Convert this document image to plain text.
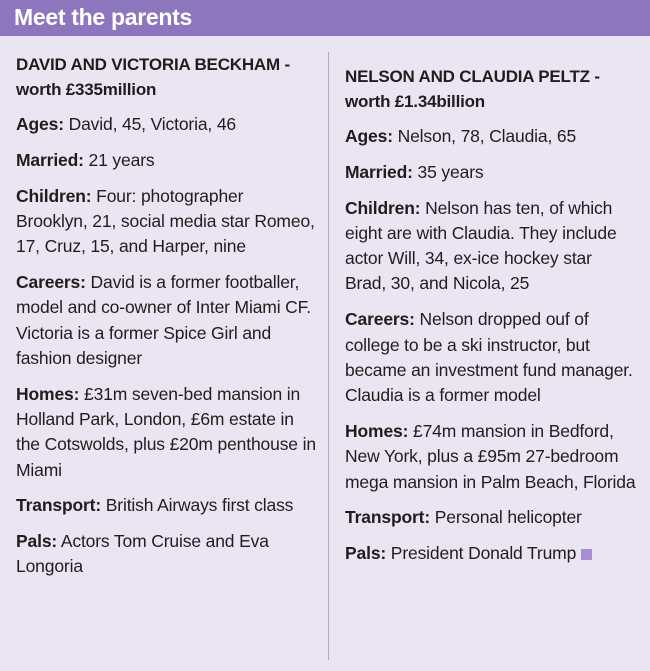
Meet the parents
DAVID AND VICTORIA BECKHAM -
worth £335million
Ages: David, 45, Victoria, 46
Married: 21 years
Children: Four: photographer Brooklyn, 21, social media star Romeo, 17, Cruz, 15, and Harper, nine
Careers: David is a former footballer, model and co-owner of Inter Miami CF. Victoria is a former Spice Girl and fashion designer
Homes: £31m seven-bed mansion in Holland Park, London, £6m estate in the Cotswolds, plus £20m penthouse in Miami
Transport: British Airways first class
Pals: Actors Tom Cruise and Eva Longoria
NELSON AND CLAUDIA PELTZ -
worth £1.34billion
Ages: Nelson, 78, Claudia, 65
Married: 35 years
Children: Nelson has ten, of which eight are with Claudia. They include actor Will, 34, ex-ice hockey star Brad, 30, and Nicola, 25
Careers: Nelson dropped ouf of college to be a ski instructor, but became an investment fund manager. Claudia is a former model
Homes: £74m mansion in Bedford, New York, plus a £95m 27-bedroom mega mansion in Palm Beach, Florida
Transport: Personal helicopter
Pals: President Donald Trump
